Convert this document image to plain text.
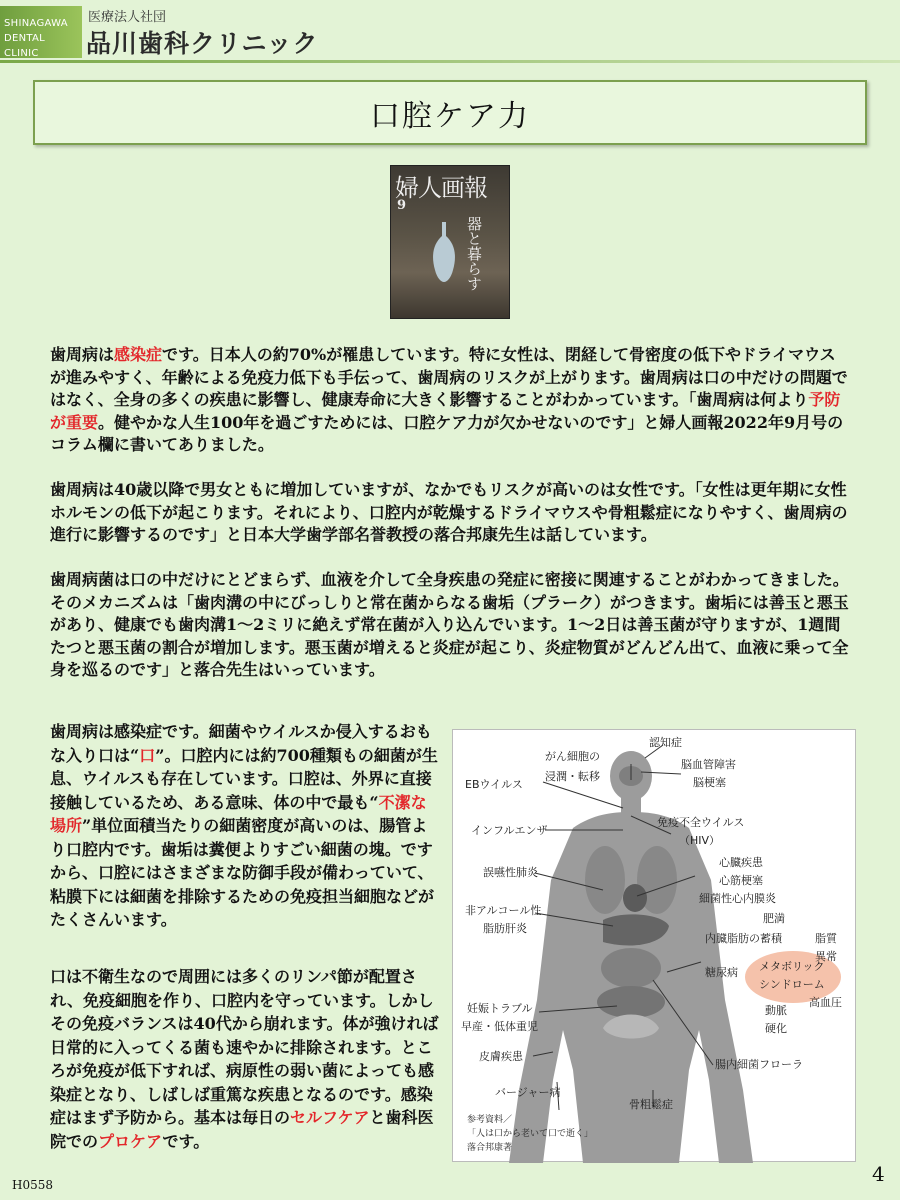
SHINAGAWA
DENTAL CLINIC
医療法人社団
品川歯科クリニック
口腔ケア力
婦人画報
9
器と暮らす

歯周病は感染症です。日本人の約70%が罹患しています。特に女性は、閉経して骨密度の低下やドライマウスが進みやすく、年齢による免疫力低下も手伝って、歯周病のリスクが上がります。歯周病は口の中だけの問題ではなく、全身の多くの疾患に影響し、健康寿命に大きく影響することがわかっています。「歯周病は何より予防が重要。健やかな人生100年を過ごすためには、口腔ケア力が欠かせないのです」と婦人画報2022年9月号のコラム欄に書いてありました。

歯周病は40歳以降で男女ともに増加していますが、なかでもリスクが高いのは女性です。「女性は更年期に女性ホルモンの低下が起こります。それにより、口腔内が乾燥するドライマウスや骨粗鬆症になりやすく、歯周病の進行に影響するのです」と日本大学歯学部名誉教授の落合邦康先生は話しています。

歯周病菌は口の中だけにとどまらず、血液を介して全身疾患の発症に密接に関連することがわかってきました。そのメカニズムは「歯肉溝の中にびっしりと常在菌からなる歯垢（プラーク）がつきます。歯垢には善玉と悪玉があり、健康でも歯肉溝1～2ミリに絶えず常在菌が入り込んでいます。1～2日は善玉菌が守りますが、1週間たつと悪玉菌の割合が増加します。悪玉菌が増えると炎症が起こり、炎症物質がどんどん出て、血液に乗って全身を巡るのです」と落合先生はいっています。

歯周病は感染症です。細菌やウイルスか侵入するおもな入り口は“口”。口腔内には約700種類もの細菌が生息、ウイルスも存在しています。口腔は、外界に直接接触しているため、ある意味、体の中で最も“不潔な場所”単位面積当たりの細菌密度が高いのは、腸管より口腔内です。歯垢は糞便よりすごい細菌の塊。ですから、口腔にはさまざまな防御手段が備わっていて、粘膜下には細菌を排除するための免疫担当細胞などがたくさんいます。

口は不衛生なので周囲には多くのリンパ節が配置され、免疫細胞を作り、口腔内を守っています。しかしその免疫バランスは40代から崩れます。体が強ければ日常的に入ってくる菌も速やかに排除されます。ところが免疫が低下すれば、病原性の弱い菌によっても感染症となり、しばしば重篤な疾患となるのです。感染症はまず予防から。基本は毎日のセルフケアと歯科医院でのプロケアです。

認知症
がん細胞の
浸潤・転移
脳血管障害
脳梗塞
EBウイルス
免疫不全ウイルス
（HIV）
インフルエンザ
心臓疾患
心筋梗塞
細菌性心内膜炎
誤嚥性肺炎
非アルコール性
脂肪肝炎
肥満
内臓脂肪の蓄積	脂質
異常
糖尿病 メタボリック
シンドローム
高血圧
妊娠トラブル
早産・低体重児
動脈
硬化
皮膚疾患
腸内細菌フローラ
バージャー病
骨粗鬆症
参考資料／
「人は口から老いて口で逝く」
落合邦康著
H0558	4
